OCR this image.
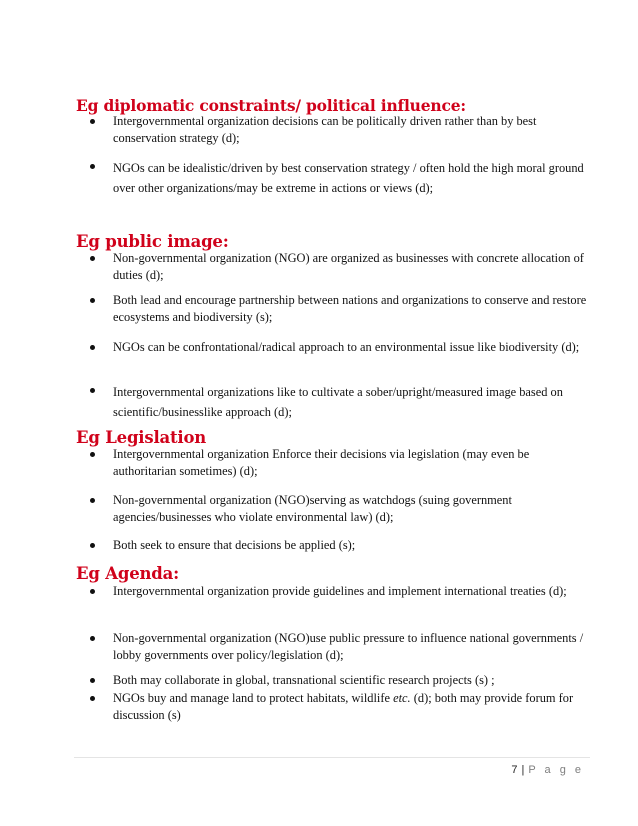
Eg diplomatic constraints/ political influence:
Intergovernmental organization decisions can be politically driven rather than by best conservation strategy (d);
NGOs can be idealistic/driven by best conservation strategy / often hold the high moral ground over other organizations/may be extreme in actions or views (d);
Eg public image:
Non-governmental organization (NGO) are organized as businesses with concrete allocation of duties (d);
Both lead and encourage partnership between nations and organizations to conserve and restore ecosystems and biodiversity (s);
NGOs can be confrontational/radical approach to an environmental issue like biodiversity (d);
Intergovernmental organizations like to cultivate a sober/upright/measured image based on scientific/businesslike approach (d);
Eg Legislation
Intergovernmental organization Enforce their decisions via legislation (may even be authoritarian sometimes) (d);
Non-governmental organization (NGO)serving as watchdogs (suing government agencies/businesses who violate environmental law) (d);
Both seek to ensure that decisions be applied (s);
Eg Agenda:
Intergovernmental organization provide guidelines and implement international treaties (d);
Non-governmental organization (NGO)use public pressure to influence national governments / lobby governments over policy/legislation (d);
Both may collaborate in global, transnational scientific research projects (s) ;
NGOs buy and manage land to protect habitats, wildlife etc. (d); both may provide forum for discussion (s)
7 | P a g e
